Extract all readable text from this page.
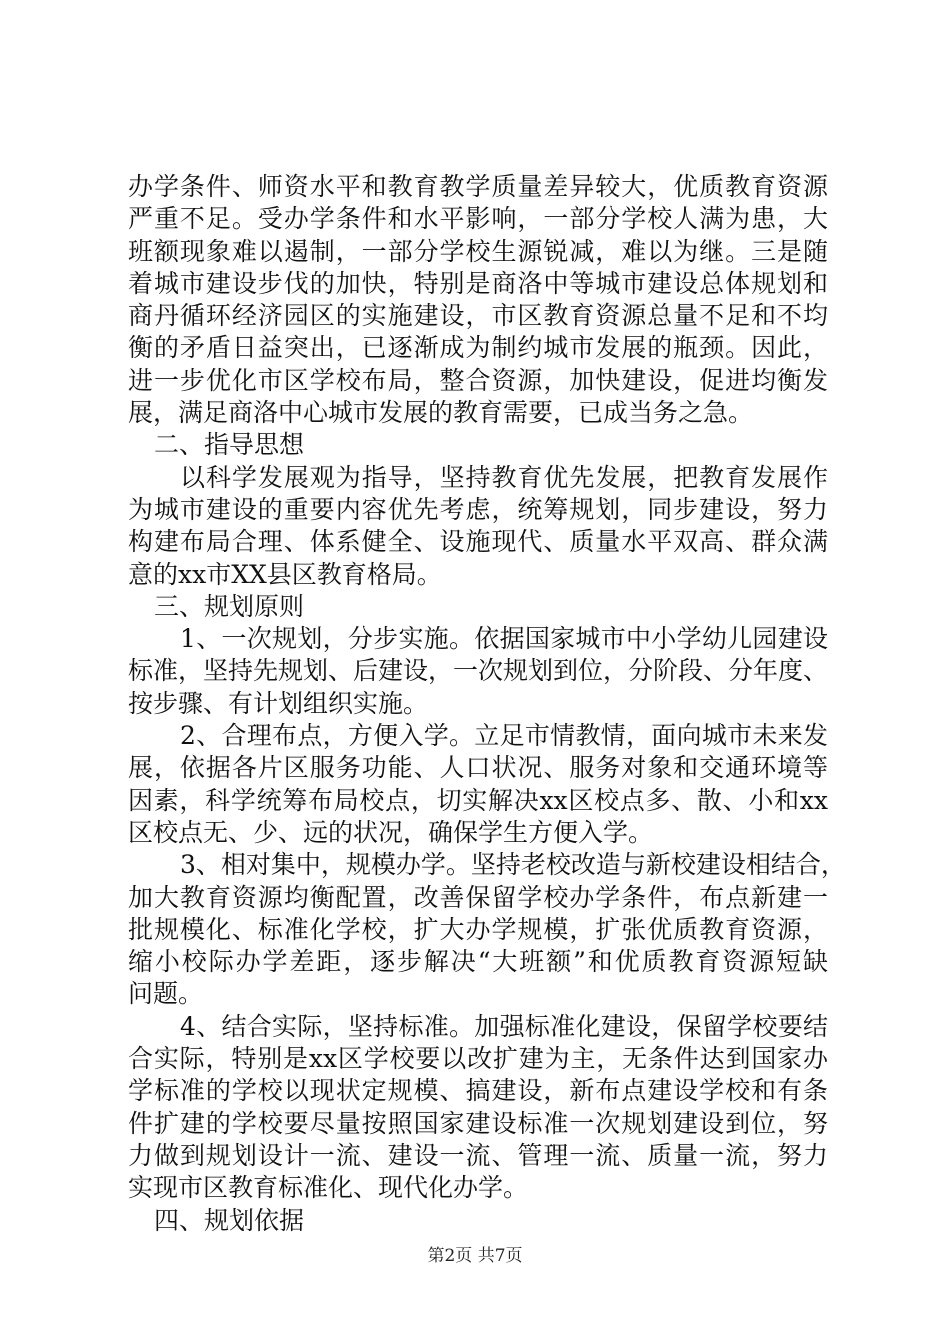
办学条件、师资水平和教育教学质量差异较大，优质教育资源
严重不足。受办学条件和水平影响，一部分学校人满为患，大
班额现象难以遏制，一部分学校生源锐减，难以为继。三是随
着城市建设步伐的加快，特别是商洛中等城市建设总体规划和
商丹循环经济园区的实施建设，市区教育资源总量不足和不均
衡的矛盾日益突出，已逐渐成为制约城市发展的瓶颈。因此，
进一步优化市区学校布局，整合资源，加快建设，促进均衡发
展，满足商洛中心城市发展的教育需要，已成当务之急。
二、指导思想
以科学发展观为指导，坚持教育优先发展，把教育发展作
为城市建设的重要内容优先考虑，统筹规划，同步建设，努力
构建布局合理、体系健全、设施现代、质量水平双高、群众满
意的xx市XX县区教育格局。
三、规划原则
1、一次规划，分步实施。依据国家城市中小学幼儿园建设
标准，坚持先规划、后建设，一次规划到位，分阶段、分年度、
按步骤、有计划组织实施。
2、合理布点，方便入学。立足市情教情，面向城市未来发
展，依据各片区服务功能、人口状况、服务对象和交通环境等
因素，科学统筹布局校点，切实解决xx区校点多、散、小和xx
区校点无、少、远的状况，确保学生方便入学。
3、相对集中，规模办学。坚持老校改造与新校建设相结合，
加大教育资源均衡配置，改善保留学校办学条件，布点新建一
批规模化、标准化学校，扩大办学规模，扩张优质教育资源，
缩小校际办学差距，逐步解决“大班额”和优质教育资源短缺
问题。
4、结合实际，坚持标准。加强标准化建设，保留学校要结
合实际，特别是xx区学校要以改扩建为主，无条件达到国家办
学标准的学校以现状定规模、搞建设，新布点建设学校和有条
件扩建的学校要尽量按照国家建设标准一次规划建设到位，努
力做到规划设计一流、建设一流、管理一流、质量一流，努力
实现市区教育标准化、现代化办学。
四、规划依据
第2页 共7页
